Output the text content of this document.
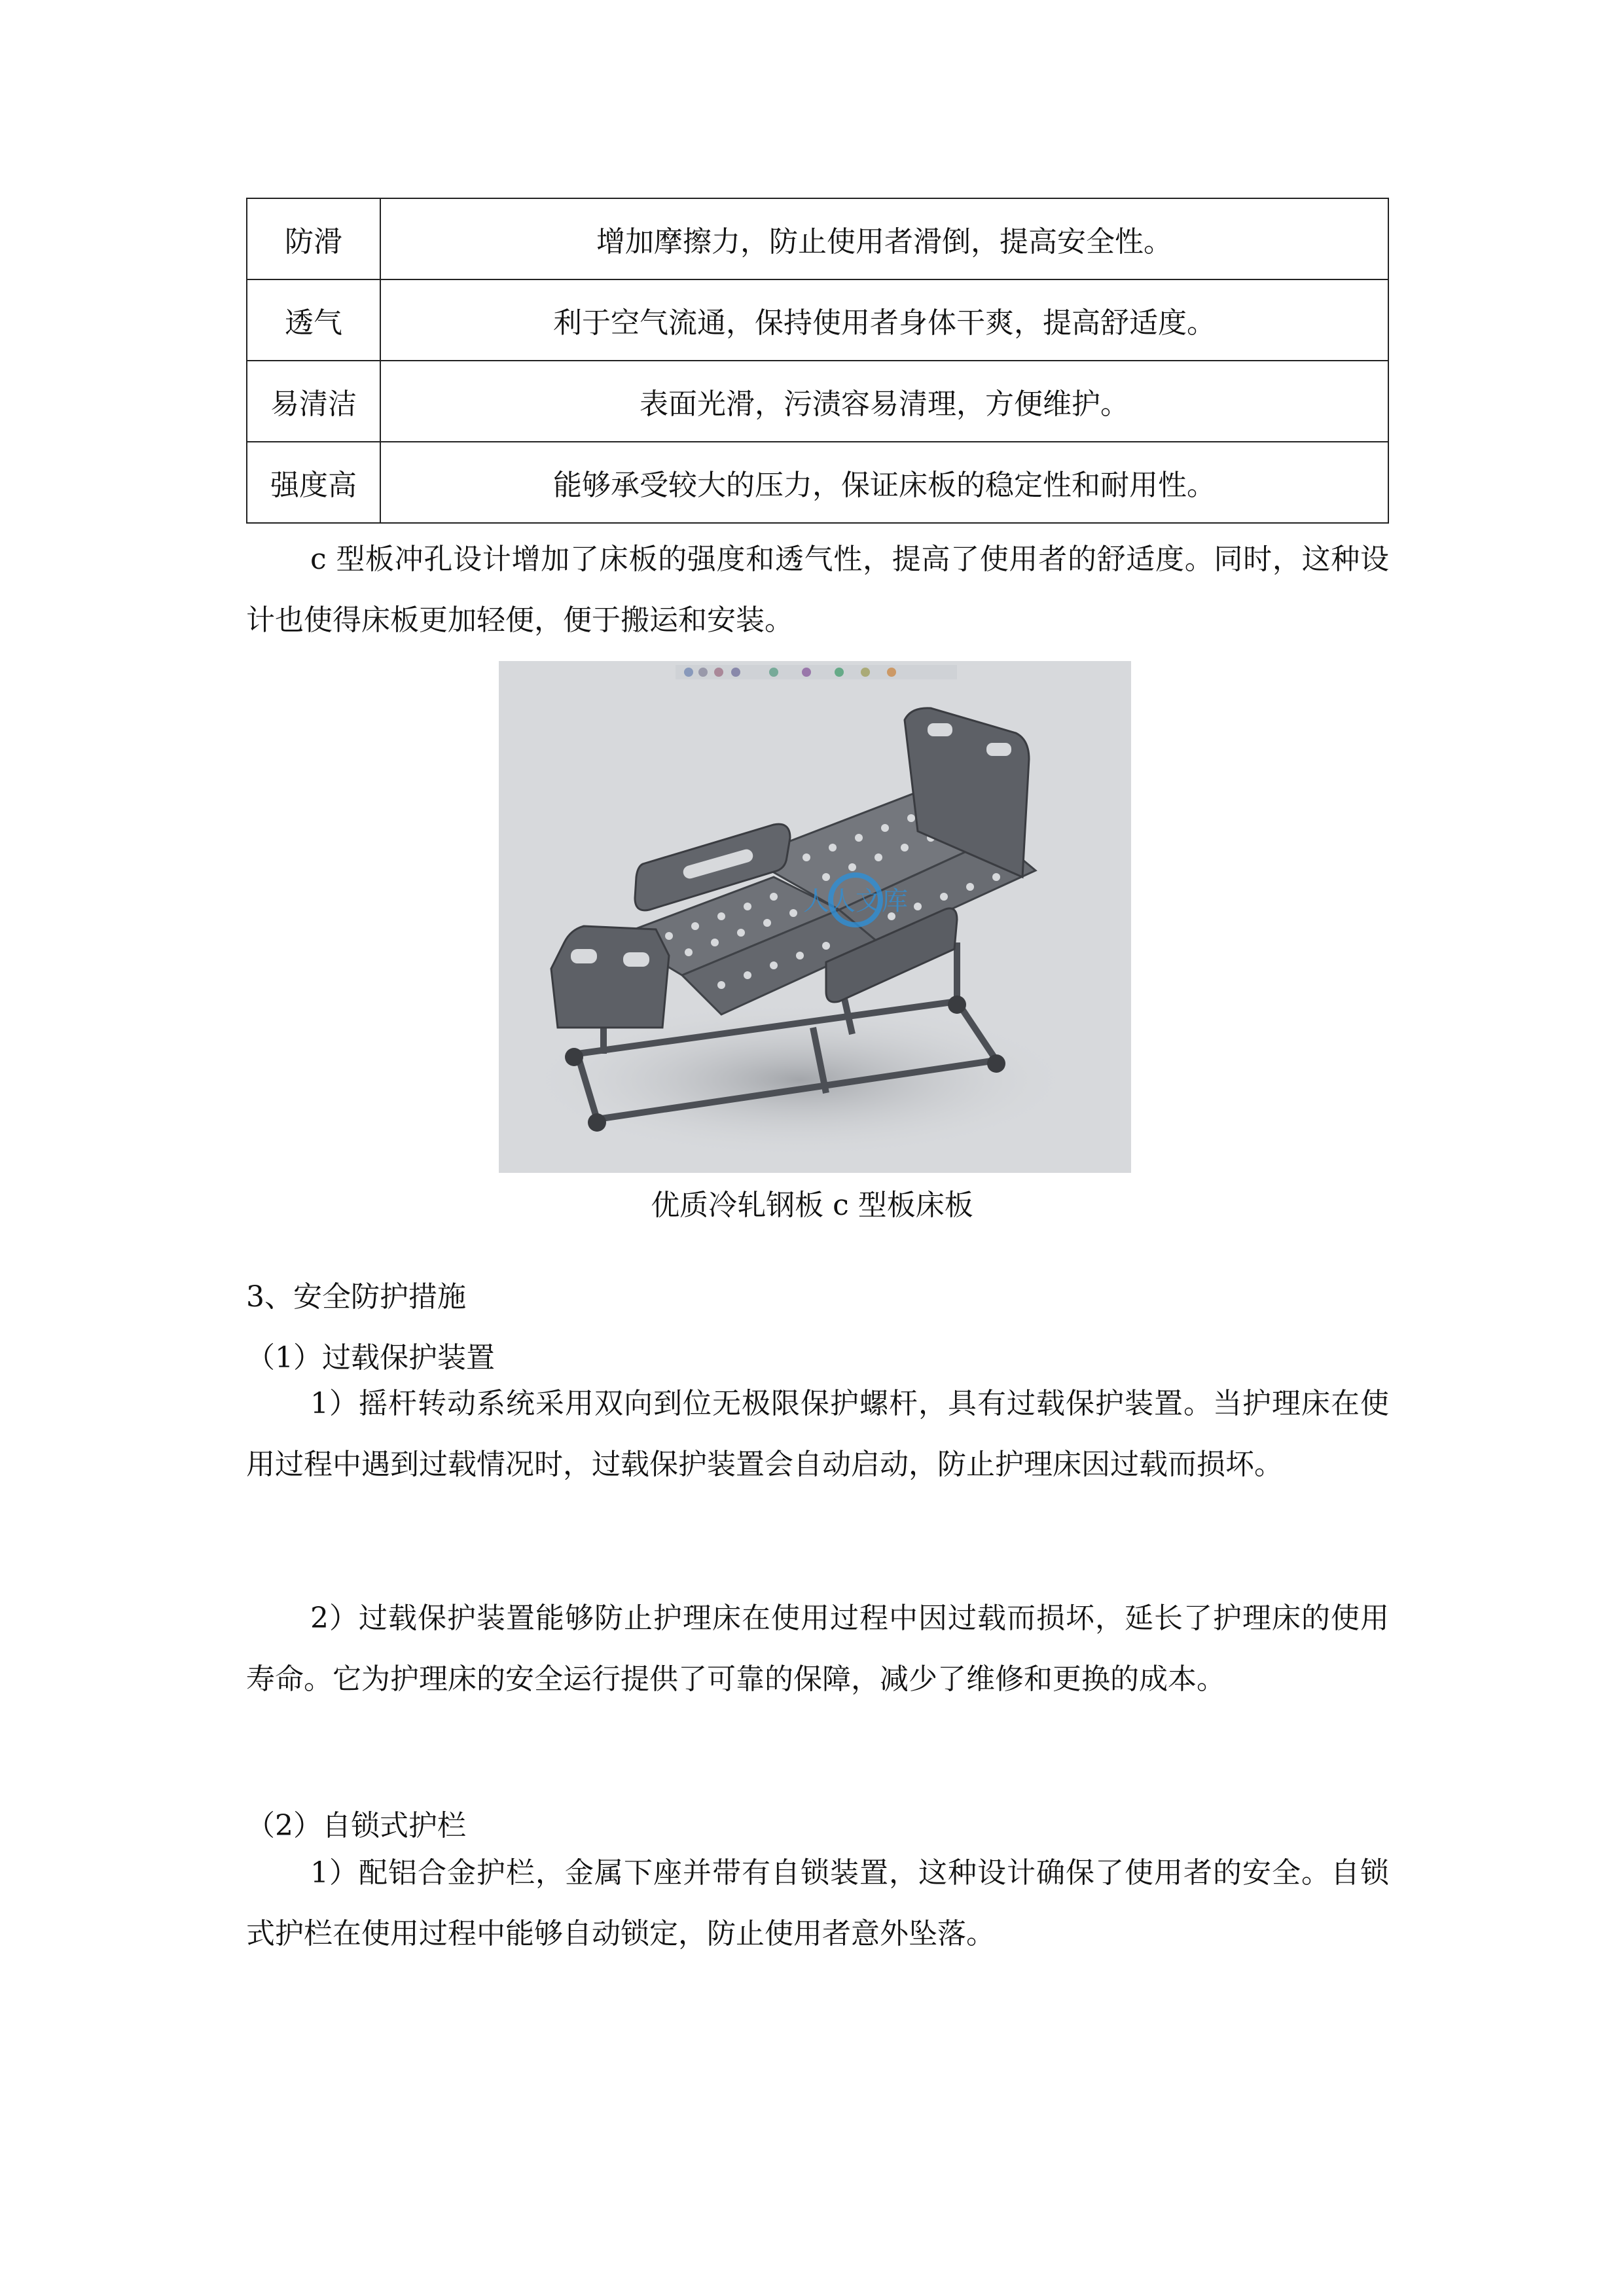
防滑	增加摩擦力，防止使用者滑倒，提高安全性。
透气	利于空气流通，保持使用者身体干爽，提高舒适度。
易清洁	表面光滑，污渍容易清理，方便维护。
强度高	能够承受较大的压力，保证床板的稳定性和耐用性。

c 型板冲孔设计增加了床板的强度和透气性，提高了使用者的舒适度。同时，这种设计也使得床板更加轻便，便于搬运和安装。

人人文库
优质冷轧钢板 c 型板床板

3、安全防护措施

（1）过载保护装置

1）摇杆转动系统采用双向到位无极限保护螺杆，具有过载保护装置。当护理床在使用过程中遇到过载情况时，过载保护装置会自动启动，防止护理床因过载而损坏。

2）过载保护装置能够防止护理床在使用过程中因过载而损坏，延长了护理床的使用寿命。它为护理床的安全运行提供了可靠的保障，减少了维修和更换的成本。

（2）自锁式护栏

1）配铝合金护栏，金属下座并带有自锁装置，这种设计确保了使用者的安全。自锁式护栏在使用过程中能够自动锁定，防止使用者意外坠落。
